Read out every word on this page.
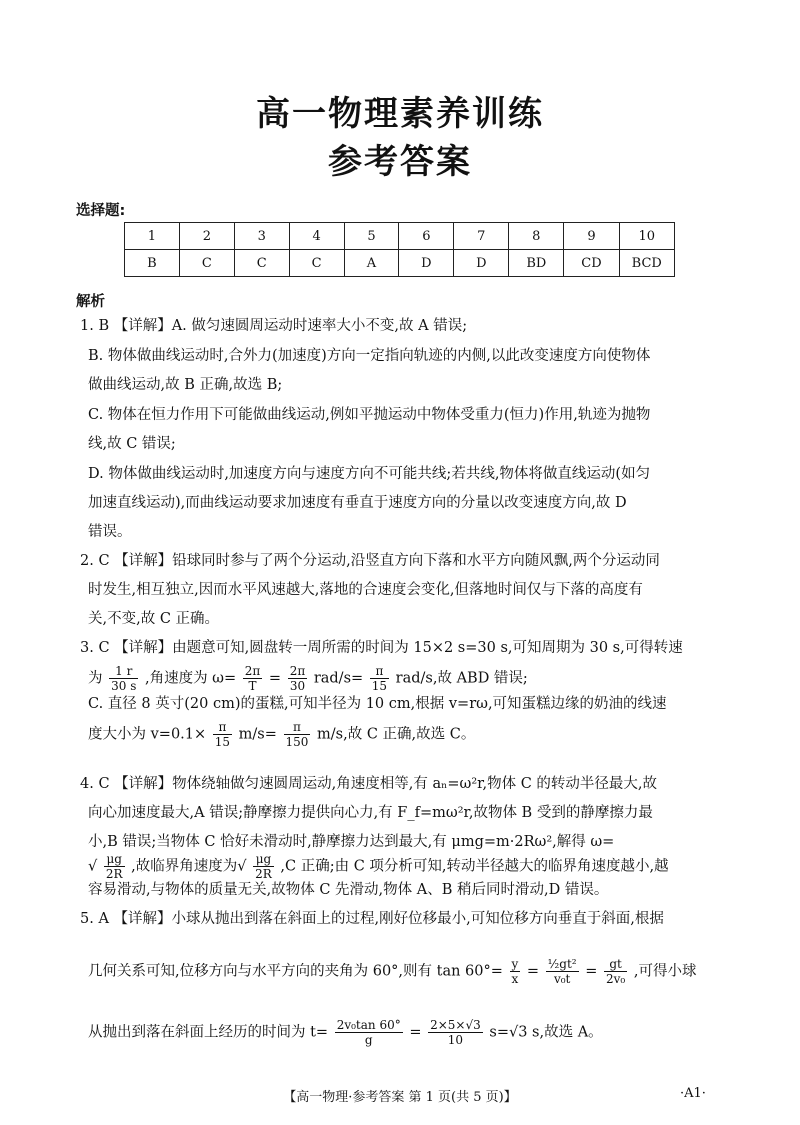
高一物理素养训练
参考答案
选择题:
1	2	3	4	5	6	7	8	9	10
B	C	C	C	A	D	D	BD	CD	BCD
解析
1. B 【详解】A. 做匀速圆周运动时速率大小不变,故 A 错误;
B. 物体做曲线运动时,合外力(加速度)方向一定指向轨迹的内侧,以此改变速度方向使物体
做曲线运动,故 B 正确,故选 B;
C. 物体在恒力作用下可能做曲线运动,例如平抛运动中物体受重力(恒力)作用,轨迹为抛物
线,故 C 错误;
D. 物体做曲线运动时,加速度方向与速度方向不可能共线;若共线,物体将做直线运动(如匀
加速直线运动),而曲线运动要求加速度有垂直于速度方向的分量以改变速度方向,故 D
错误。
2. C 【详解】铅球同时参与了两个分运动,沿竖直方向下落和水平方向随风飘,两个分运动同
时发生,相互独立,因而水平风速越大,落地的合速度会变化,但落地时间仅与下落的高度有
关,不变,故 C 正确。
3. C 【详解】由题意可知,圆盘转一周所需的时间为 15×2 s=30 s,可知周期为 30 s,可得转速
为 $\frac{1 r}{30 s}$ ,角速度为 $\omega= \frac{2\pi}{T} = \frac{2\pi}{30} rad/s= \frac{\pi}{15} rad/s$,故 ABD 错误;
C. 直径 8 英寸(20 cm)的蛋糕,可知半径为 10 cm,根据 v=rω,可知蛋糕边缘的奶油的线速
度大小为 $v=0.1\times \frac{\pi}{15} m/s= \frac{\pi}{150} m/s$,故 C 正确,故选 C。
4. C 【详解】物体绕轴做匀速圆周运动,角速度相等,有 aₙ=ω²r,物体 C 的转动半径最大,故
向心加速度最大,A 错误;静摩擦力提供向心力,有 F_f=mω²r,故物体 B 受到的静摩擦力最
小,B 错误;当物体 C 恰好未滑动时,静摩擦力达到最大,有 μmg=m·2Rω²,解得 ω=
√ $\frac{\mu g}{2R}$ ,故临界角速度为√ $\frac{\mu g}{2R} ,C$ 正确;由 C 项分析可知,转动半径越大的临界角速度越小,越
容易滑动,与物体的质量无关,故物体 C 先滑动,物体 A、B 稍后同时滑动,D 错误。
5. A 【详解】小球从抛出到落在斜面上的过程,刚好位移最小,可知位移方向垂直于斜面,根据
几何关系可知,位移方向与水平方向的夹角为 60°,则有 $\tan 60^\circ= \frac{y}{x} = \frac{\text{½gt²}}{\text{v₀t}} = \frac{gt}{\text{2v₀}}$ ,可得小球
从抛出到落在斜面上经历的时间为 $t= \frac{\text{2v₀tan 60°}}{g} = \frac{2\times 5\times√3}{10} s=√3$ s,故选 A。
【高一物理·参考答案 第 1 页(共 5 页)】	·A1·
